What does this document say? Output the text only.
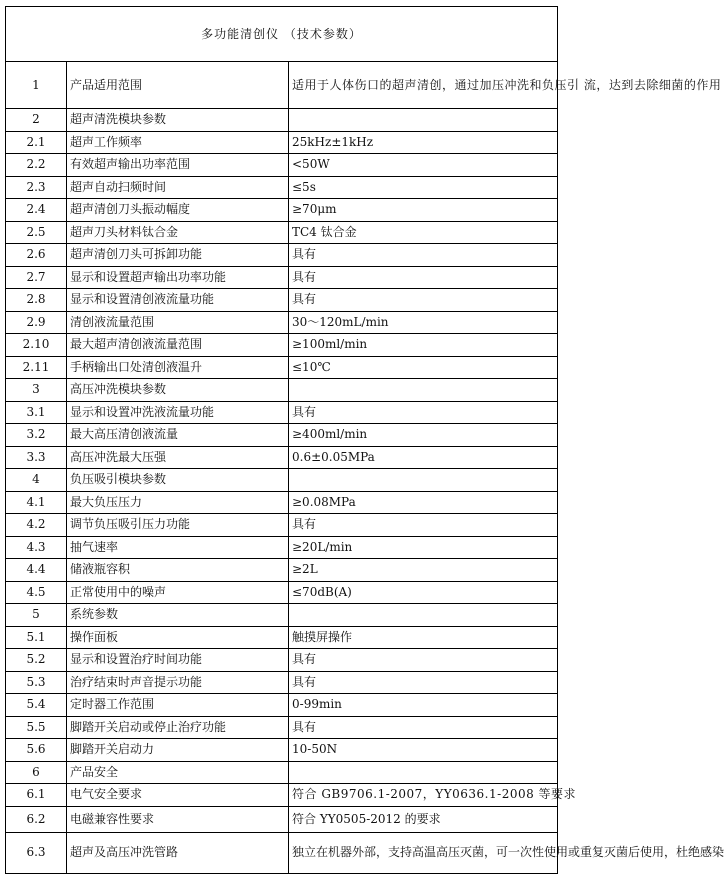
多功能清创仪 （技术参数）		
1	产品适用范围	适用于人体伤口的超声清创，通过加压冲洗和负压引 流，达到去除细菌的作用
2	超声清洗模块参数	
2.1	超声工作频率	25kHz±1kHz
2.2	有效超声输出功率范围	<50W
2.3	超声自动扫频时间	≤5s
2.4	超声清创刀头振动幅度	≥70μm
2.5	超声刀头材料钛合金	TC4 钛合金
2.6	超声清创刀头可拆卸功能	具有
2.7	显示和设置超声输出功率功能	具有
2.8	显示和设置清创液流量功能	具有
2.9	清创液流量范围	30～120mL/min
2.10	最大超声清创液流量范围	≥100ml/min
2.11	手柄输出口处清创液温升	≤10℃
3	高压冲洗模块参数	
3.1	显示和设置冲洗液流量功能	具有
3.2	最大高压清创液流量	≥400ml/min
3.3	高压冲洗最大压强	0.6±0.05MPa
4	负压吸引模块参数	
4.1	最大负压压力	≥0.08MPa
4.2	调节负压吸引压力功能	具有
4.3	抽气速率	≥20L/min
4.4	储液瓶容积	≥2L
4.5	正常使用中的噪声	≤70dB(A)
5	系统参数	
5.1	操作面板	触摸屏操作
5.2	显示和设置治疗时间功能	具有
5.3	治疗结束时声音提示功能	具有
5.4	定时器工作范围	0-99min
5.5	脚踏开关启动或停止治疗功能	具有
5.6	脚踏开关启动力	10-50N
6	产品安全	
6.1	电气安全要求	符合 GB9706.1-2007，YY0636.1-2008 等要求
6.2	电磁兼容性要求	符合 YY0505-2012 的要求
6.3	超声及高压冲洗管路	独立在机器外部，支持高温高压灭菌，可一次性使用或重复灭菌后使用，杜绝感染
